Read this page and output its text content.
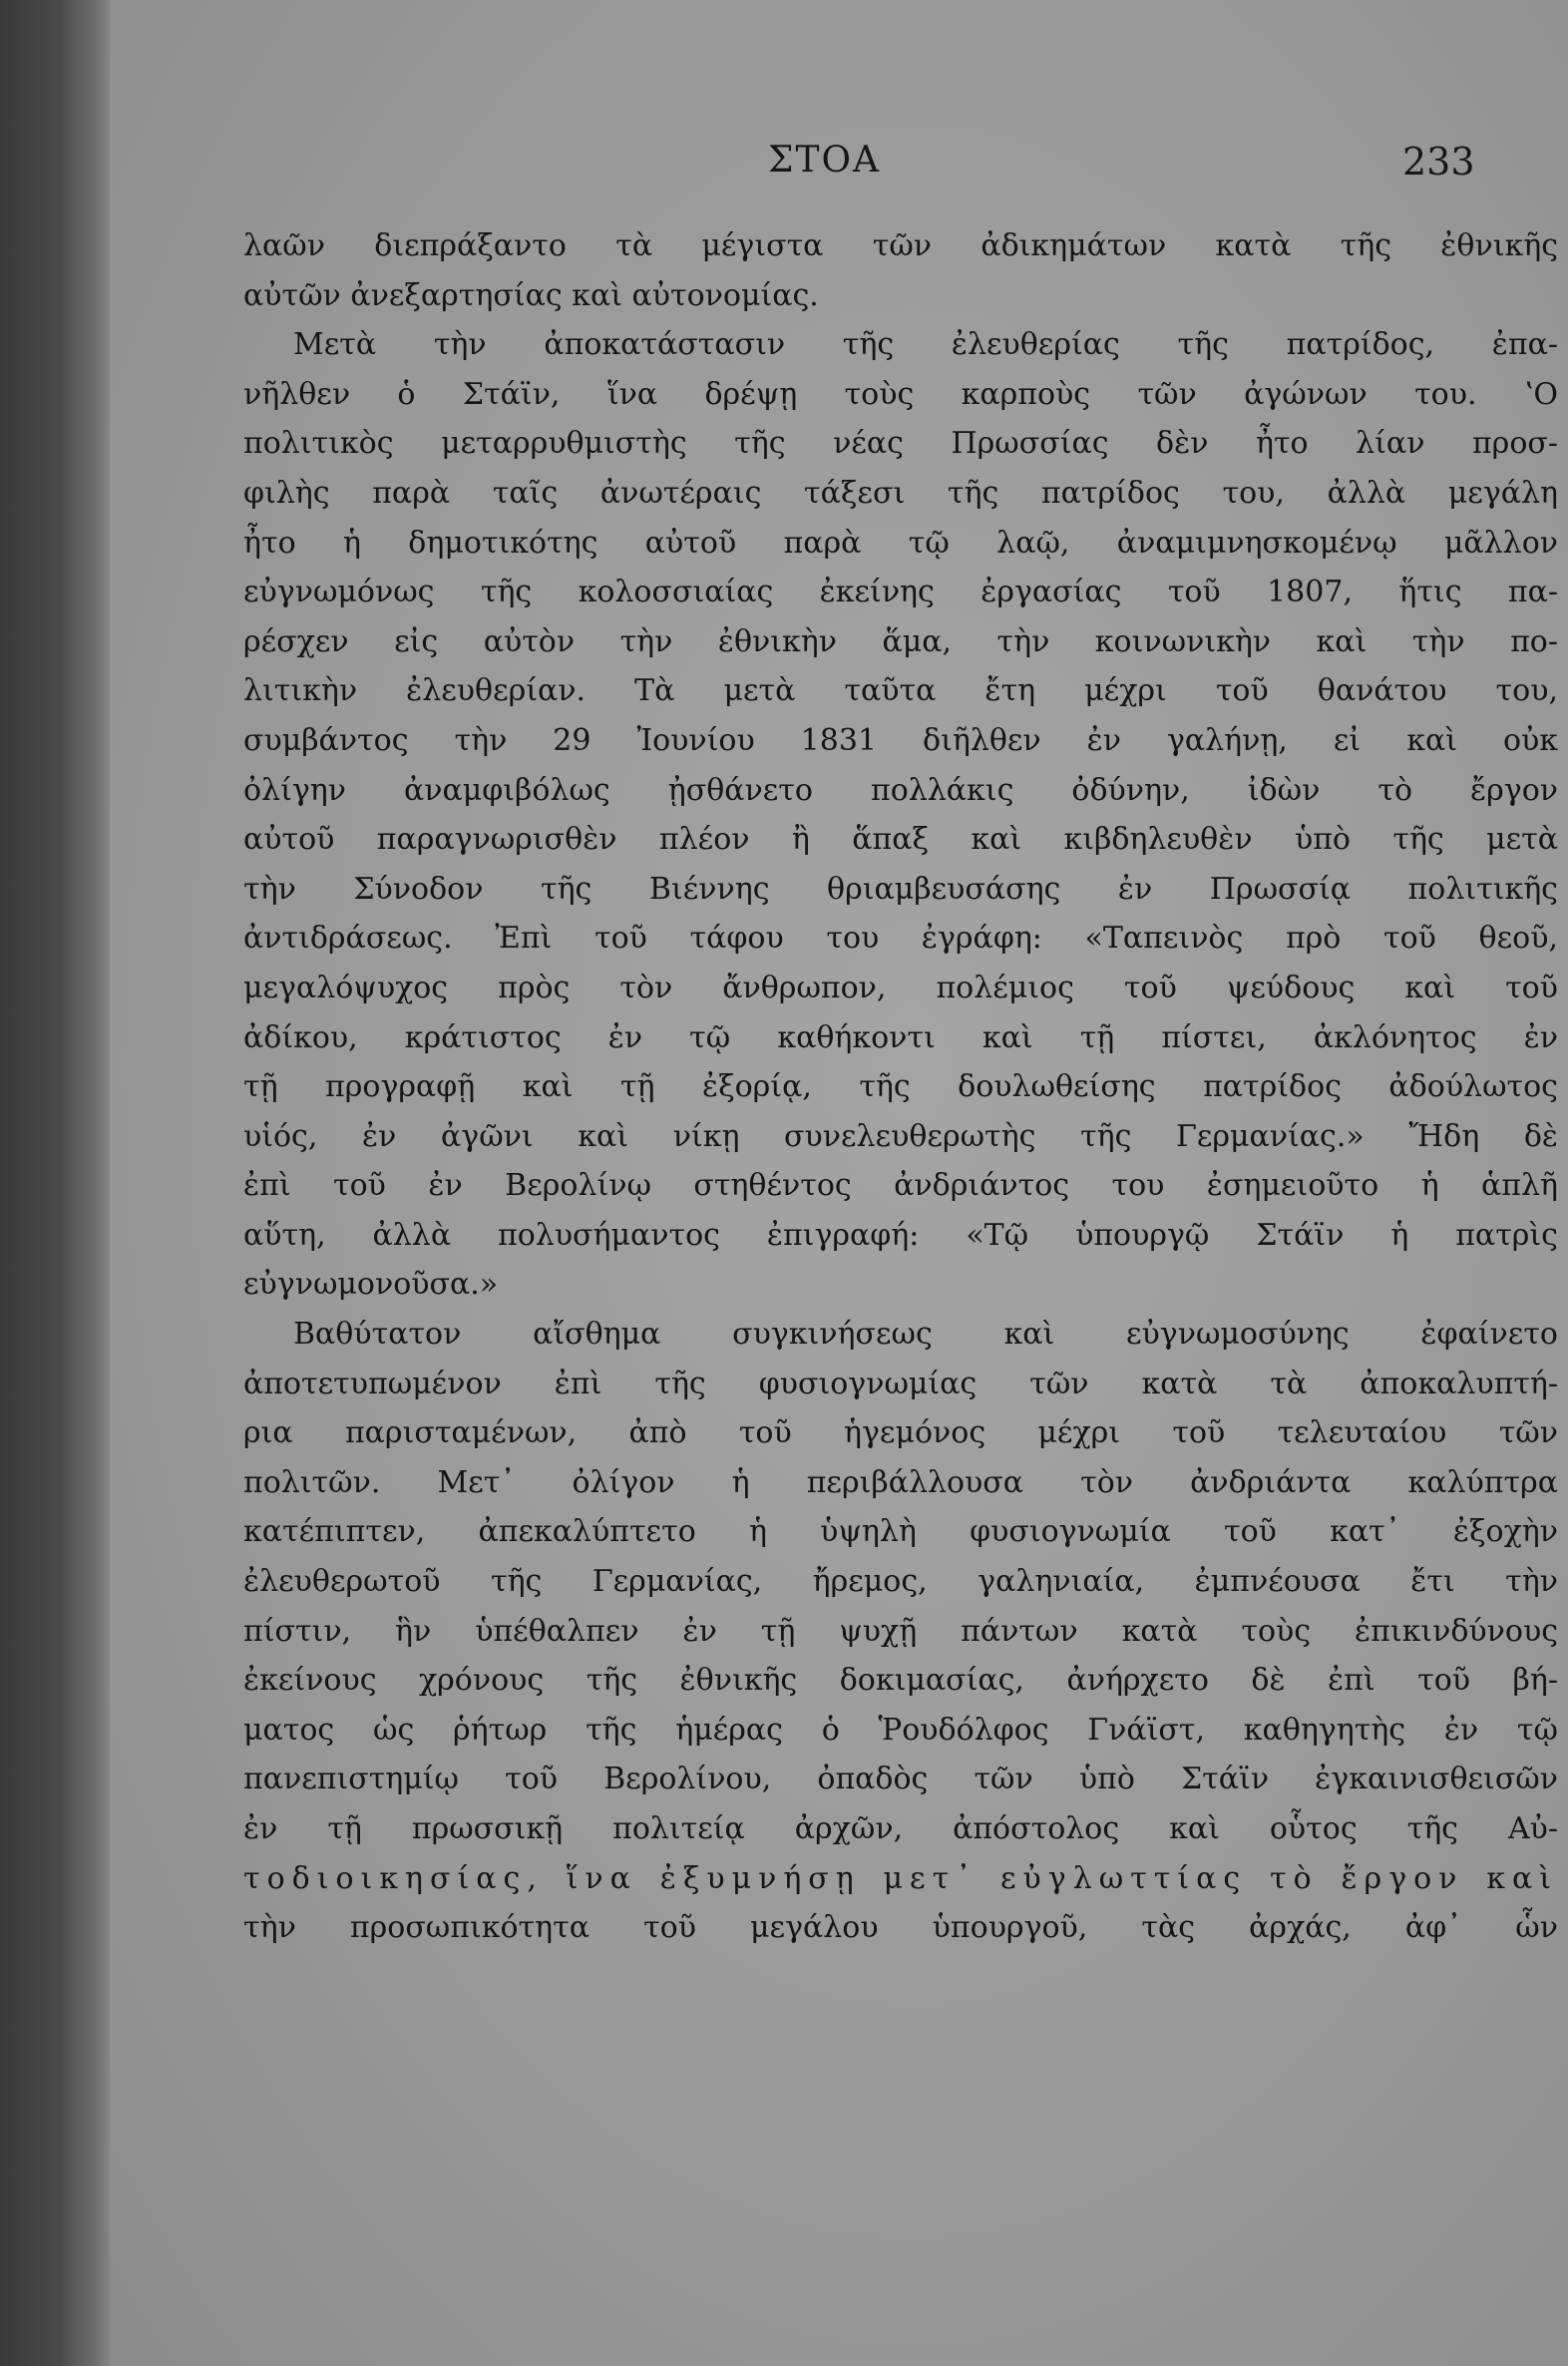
ΣΤΟΑ	233
λαῶν διεπράξαντο τὰ μέγιστα τῶν ἀδικημάτων κατὰ τῆς ἐθνικῆς
αὐτῶν ἀνεξαρτησίας καὶ αὐτονομίας.
Μετὰ τὴν ἀποκατάστασιν τῆς ἐλευθερίας τῆς πατρίδος, ἐπα-
νῆλθεν ὁ Στάϊν, ἵνα δρέψῃ τοὺς καρποὺς τῶν ἀγώνων του. ʽΟ
πολιτικὸς μεταρρυθμιστὴς τῆς νέας Πρωσσίας δὲν ἦτο λίαν προσ-
φιλὴς παρὰ ταῖς ἀνωτέραις τάξεσι τῆς πατρίδος του, ἀλλὰ μεγάλη
ἦτο ἡ δημοτικότης αὐτοῦ παρὰ τῷ λαῷ, ἀναμιμνησκομένῳ μᾶλλον
εὐγνωμόνως τῆς κολοσσιαίας ἐκείνης ἐργασίας τοῦ 1807, ἥτις πα-
ρέσχεν εἰς αὐτὸν τὴν ἐθνικὴν ἅμα, τὴν κοινωνικὴν καὶ τὴν πο-
λιτικὴν ἐλευθερίαν. Τὰ μετὰ ταῦτα ἔτη μέχρι τοῦ θανάτου του,
συμβάντος τὴν 29 Ἰουνίου 1831 διῆλθεν ἐν γαλήνῃ, εἰ καὶ οὐκ
ὀλίγην ἀναμφιβόλως ᾐσθάνετο πολλάκις ὀδύνην, ἰδὼν τὸ ἔργον
αὐτοῦ παραγνωρισθὲν πλέον ἢ ἅπαξ καὶ κιβδηλευθὲν ὑπὸ τῆς μετὰ
τὴν Σύνοδον τῆς Βιέννης θριαμβευσάσης ἐν Πρωσσίᾳ πολιτικῆς
ἀντιδράσεως. Ἐπὶ τοῦ τάφου του ἐγράφη: «Ταπεινὸς πρὸ τοῦ θεοῦ,
μεγαλόψυχος πρὸς τὸν ἄνθρωπον, πολέμιος τοῦ ψεύδους καὶ τοῦ
ἀδίκου, κράτιστος ἐν τῷ καθήκοντι καὶ τῇ πίστει, ἀκλόνητος ἐν
τῇ προγραφῇ καὶ τῇ ἐξορίᾳ, τῆς δουλωθείσης πατρίδος ἀδούλωτος
υἱός, ἐν ἀγῶνι καὶ νίκῃ συνελευθερωτὴς τῆς Γερμανίας.» Ἤδη δὲ
ἐπὶ τοῦ ἐν Βερολίνῳ στηθέντος ἀνδριάντος του ἐσημειοῦτο ἡ ἁπλῆ
αὕτη, ἀλλὰ πολυσήμαντος ἐπιγραφή: «Τῷ ὑπουργῷ Στάϊν ἡ πατρὶς
εὐγνωμονοῦσα.»
Βαθύτατον αἴσθημα συγκινήσεως καὶ εὐγνωμοσύνης ἐφαίνετο
ἀποτετυπωμένον ἐπὶ τῆς φυσιογνωμίας τῶν κατὰ τὰ ἀποκαλυπτή-
ρια παρισταμένων, ἀπὸ τοῦ ἡγεμόνος μέχρι τοῦ τελευταίου τῶν
πολιτῶν. Μετ᾽ ὀλίγον ἡ περιβάλλουσα τὸν ἀνδριάντα καλύπτρα
κατέπιπτεν, ἀπεκαλύπτετο ἡ ὑψηλὴ φυσιογνωμία τοῦ κατ᾽ ἐξοχὴν
ἐλευθερωτοῦ τῆς Γερμανίας, ἤρεμος, γαληνιαία, ἐμπνέουσα ἔτι τὴν
πίστιν, ἣν ὑπέθαλπεν ἐν τῇ ψυχῇ πάντων κατὰ τοὺς ἐπικινδύνους
ἐκείνους χρόνους τῆς ἐθνικῆς δοκιμασίας, ἀνήρχετο δὲ ἐπὶ τοῦ βή-
ματος ὡς ῥήτωρ τῆς ἡμέρας ὁ Ῥουδόλφος Γνάϊστ, καθηγητὴς ἐν τῷ
πανεπιστημίῳ τοῦ Βερολίνου, ὀπαδὸς τῶν ὑπὸ Στάϊν ἐγκαινισθεισῶν
ἐν τῇ πρωσσικῇ πολιτείᾳ ἀρχῶν, ἀπόστολος καὶ οὗτος τῆς Αὐ-
τοδιοικησίας, ἵνα ἐξυμνήσῃ μετ᾽ εὐγλωττίας τὸ ἔργον καὶ
τὴν προσωπικότητα τοῦ μεγάλου ὑπουργοῦ, τὰς ἀρχάς, ἀφ᾽ ὧν
